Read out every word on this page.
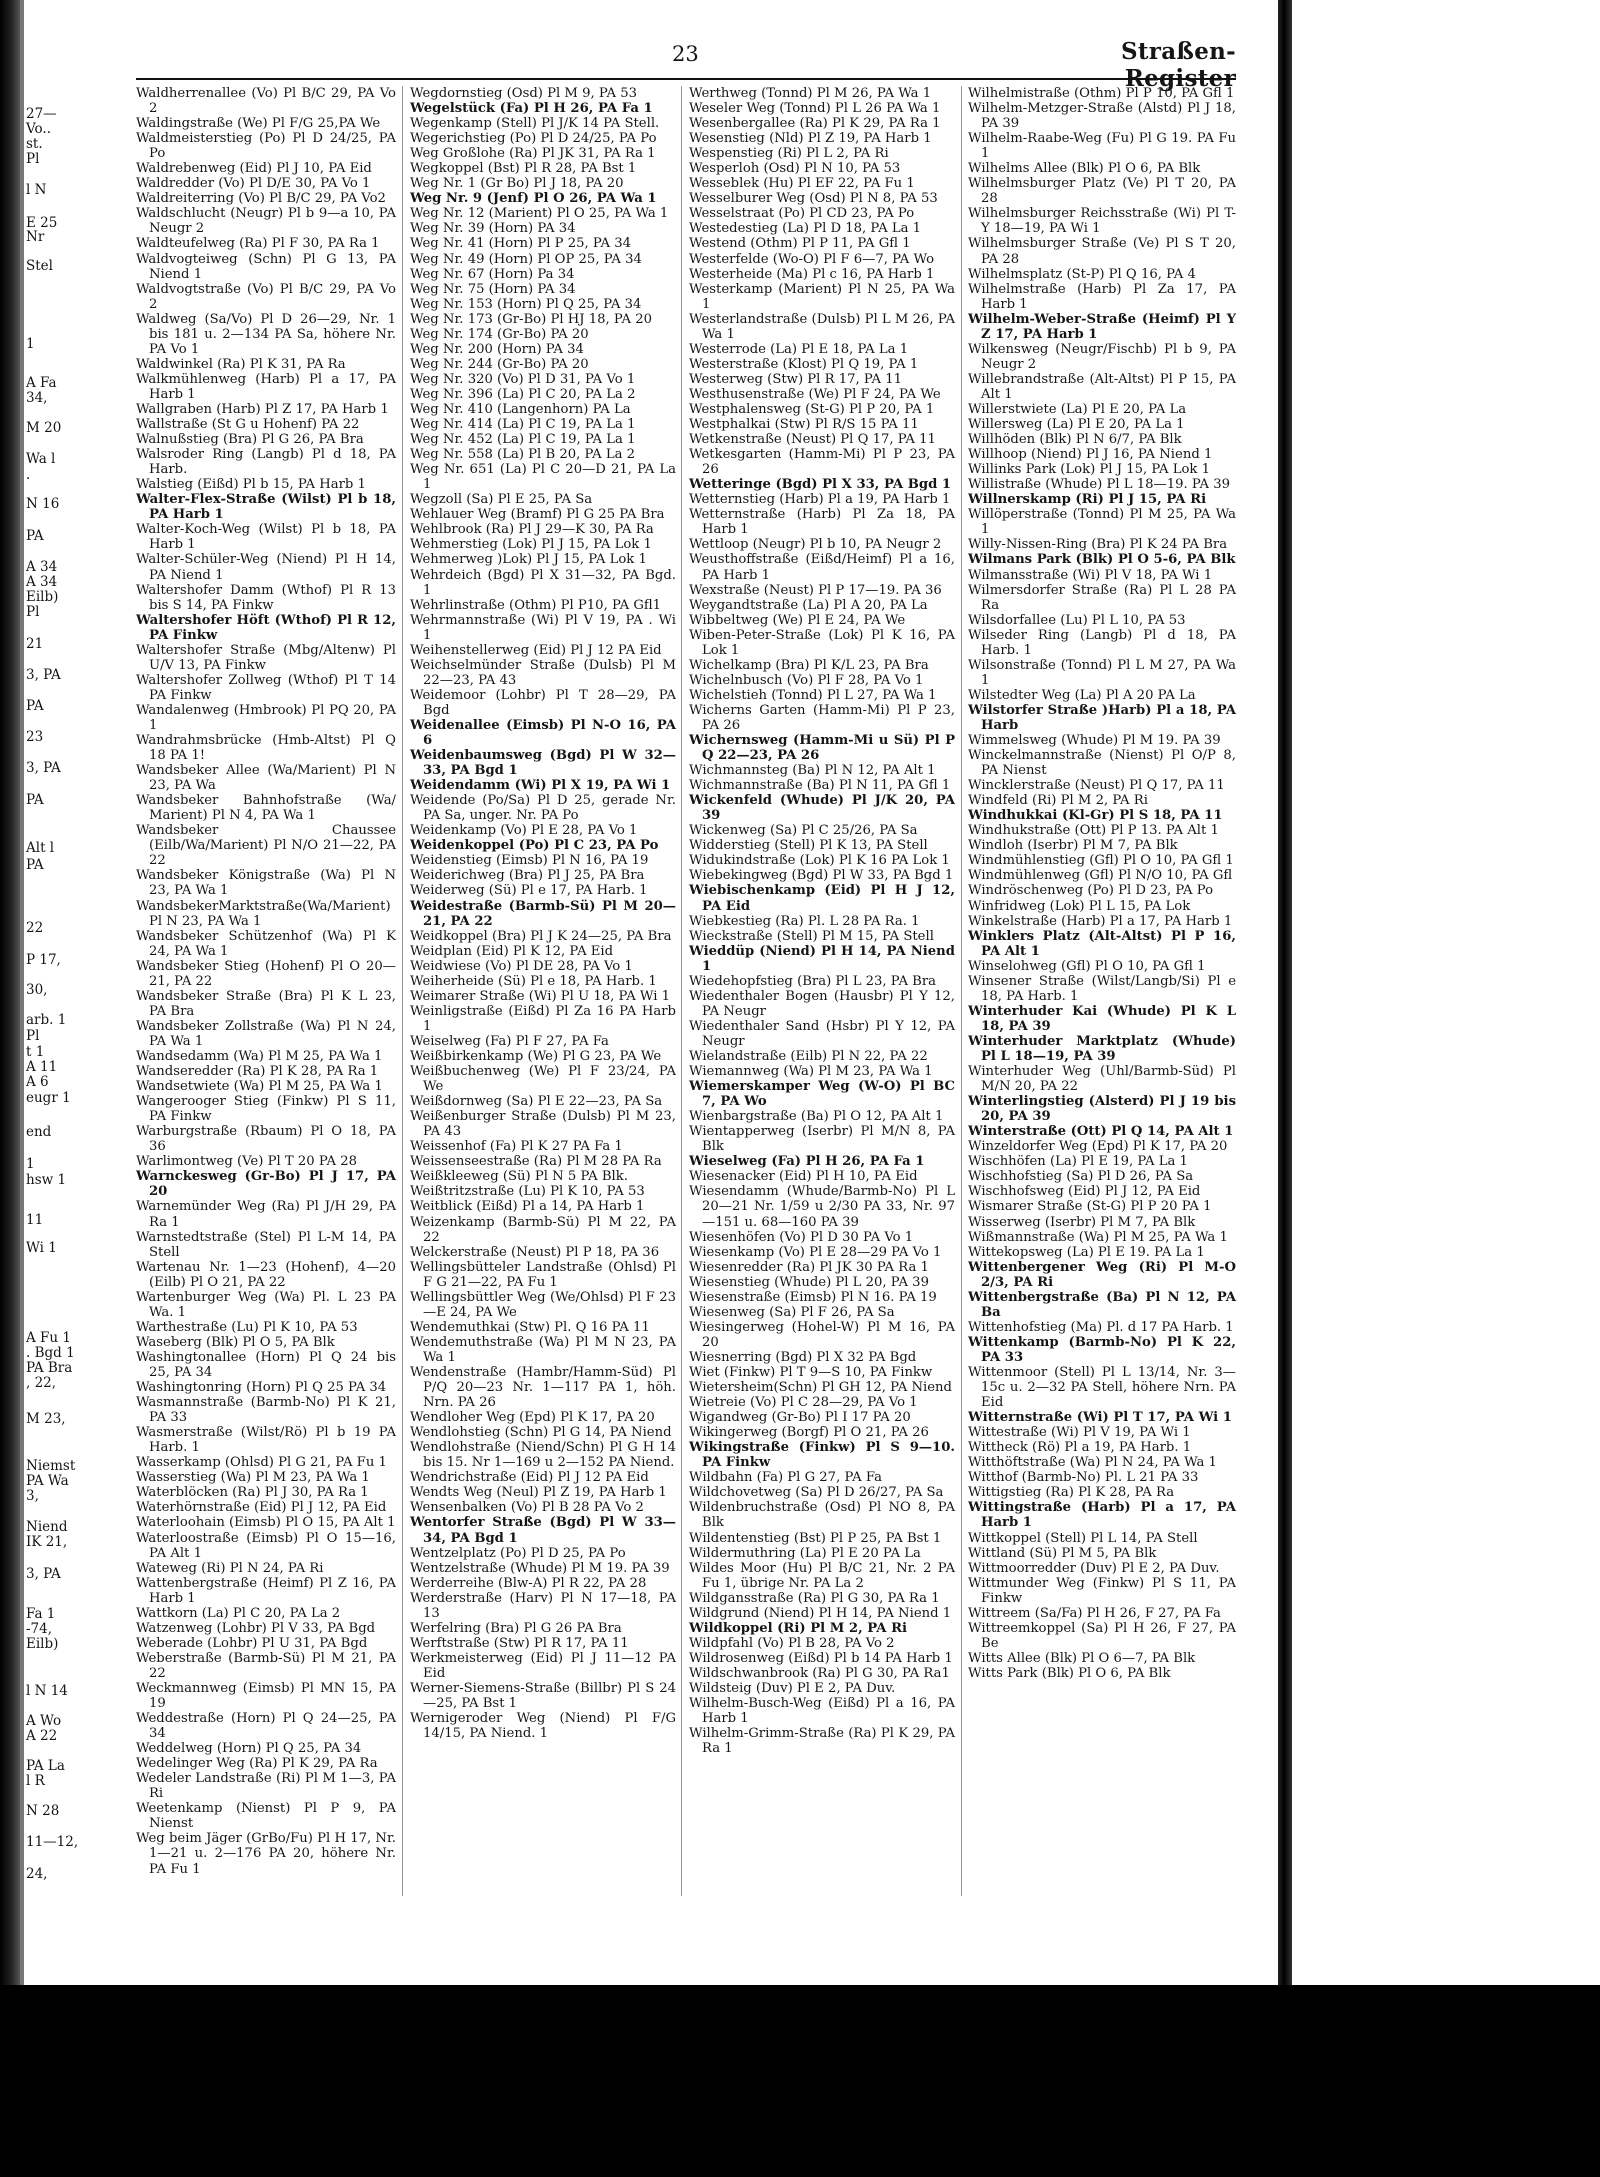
27—
Vo..
st.
Pl
l N
E 25
Nr
Stel
1
A Fa
34,
M 20
Wa l
.
N 16
PA
A 34
A 34
Eilb)
Pl
21
3, PA
PA
23
3, PA
PA
Alt l
PA
22
P 17,
30,
arb. 1
Pl
t 1
A 11
A 6
eugr 1
end
1
hsw 1
11
Wi 1
A Fu 1
. Bgd 1
PA Bra
, 22,
M 23,
Niemst
PA Wa
3,
Niend
IK 21,
3, PA
Fa 1
-74,
Eilb)
l N 14
A Wo
A 22
PA La
l R
N 28
11—12,
24,
23	Straßen-Register

Waldherrenallee (Vo) Pl B/C 29, PA Vo 2

Waldingstraße (We) Pl F/G 25,PA We

Waldmeisterstieg (Po) Pl D 24/25, PA Po

Waldrebenweg (Eid) Pl J 10, PA Eid

Waldredder (Vo) Pl D/E 30, PA Vo 1

Waldreiterring (Vo) Pl B/C 29, PA Vo2

Waldschlucht (Neugr) Pl b 9—a 10, PA Neugr 2

Waldteufelweg (Ra) Pl F 30, PA Ra 1

Waldvogteiweg (Schn) Pl G 13, PA Niend 1

Waldvogtstraße (Vo) Pl B/C 29, PA Vo 2

Waldweg (Sa/Vo) Pl D 26—29, Nr. 1 bis 181 u. 2—134 PA Sa, höhere Nr. PA Vo 1

Waldwinkel (Ra) Pl K 31, PA Ra

Walkmühlenweg (Harb) Pl a 17, PA Harb 1

Wallgraben (Harb) Pl Z 17, PA Harb 1

Wallstraße (St G u Hohenf) PA 22

Walnußstieg (Bra) Pl G 26, PA Bra

Walsroder Ring (Langb) Pl d 18, PA Harb.

Walstieg (Eißd) Pl b 15, PA Harb 1

Walter-Flex-Straße (Wilst) Pl b 18, PA Harb 1

Walter-Koch-Weg (Wilst) Pl b 18, PA Harb 1

Walter-Schüler-Weg (Niend) Pl H 14, PA Niend 1

Waltershofer Damm (Wthof) Pl R 13 bis S 14, PA Finkw

Waltershofer Höft (Wthof) Pl R 12, PA Finkw

Waltershofer Straße (Mbg/Altenw) Pl U/V 13, PA Finkw

Waltershofer Zollweg (Wthof) Pl T 14 PA Finkw

Wandalenweg (Hmbrook) Pl PQ 20, PA 1

Wandrahmsbrücke (Hmb-Altst) Pl Q 18 PA 1!

Wandsbeker Allee (Wa/Marient) Pl N 23, PA Wa

Wandsbeker Bahnhofstraße (Wa/ Marient) Pl N 4, PA Wa 1

Wandsbeker Chaussee (Eilb/Wa/Marient) Pl N/O 21—22, PA 22

Wandsbeker Königstraße (Wa) Pl N 23, PA Wa 1

WandsbekerMarktstraße(Wa/Marient) Pl N 23, PA Wa 1

Wandsbeker Schützenhof (Wa) Pl K 24, PA Wa 1

Wandsbeker Stieg (Hohenf) Pl O 20—21, PA 22

Wandsbeker Straße (Bra) Pl K L 23, PA Bra

Wandsbeker Zollstraße (Wa) Pl N 24, PA Wa 1

Wandsedamm (Wa) Pl M 25, PA Wa 1

Wandseredder (Ra) Pl K 28, PA Ra 1

Wandsetwiete (Wa) Pl M 25, PA Wa 1

Wangerooger Stieg (Finkw) Pl S 11, PA Finkw

Warburgstraße (Rbaum) Pl O 18, PA 36

Warlimontweg (Ve) Pl T 20 PA 28

Warnckesweg (Gr-Bo) Pl J 17, PA 20

Warnemünder Weg (Ra) Pl J/H 29, PA Ra 1

Warnstedtstraße (Stel) Pl L-M 14, PA Stell

Wartenau Nr. 1—23 (Hohenf), 4—20 (Eilb) Pl O 21, PA 22

Wartenburger Weg (Wa) Pl. L 23 PA Wa. 1

Warthestraße (Lu) Pl K 10, PA 53

Waseberg (Blk) Pl O 5, PA Blk

Washingtonallee (Horn) Pl Q 24 bis 25, PA 34

Washingtonring (Horn) Pl Q 25 PA 34

Wasmannstraße (Barmb-No) Pl K 21, PA 33

Wasmerstraße (Wilst/Rö) Pl b 19 PA Harb. 1

Wasserkamp (Ohlsd) Pl G 21, PA Fu 1

Wasserstieg (Wa) Pl M 23, PA Wa 1

Waterblöcken (Ra) Pl J 30, PA Ra 1

Waterhörnstraße (Eid) Pl J 12, PA Eid

Waterloohain (Eimsb) Pl O 15, PA Alt 1

Waterloostraße (Eimsb) Pl O 15—16, PA Alt 1

Wateweg (Ri) Pl N 24, PA Ri

Wattenbergstraße (Heimf) Pl Z 16, PA Harb 1

Wattkorn (La) Pl C 20, PA La 2

Watzenweg (Lohbr) Pl V 33, PA Bgd

Weberade (Lohbr) Pl U 31, PA Bgd

Weberstraße (Barmb-Sü) Pl M 21, PA 22

Weckmannweg (Eimsb) Pl MN 15, PA 19

Weddestraße (Horn) Pl Q 24—25, PA 34

Weddelweg (Horn) Pl Q 25, PA 34

Wedelinger Weg (Ra) Pl K 29, PA Ra

Wedeler Landstraße (Ri) Pl M 1—3, PA Ri

Weetenkamp (Nienst) Pl P 9, PA Nienst

Weg beim Jäger (GrBo/Fu) Pl H 17, Nr. 1—21 u. 2—176 PA 20, höhere Nr. PA Fu 1

Wegdornstieg (Osd) Pl M 9, PA 53

Wegelstück (Fa) Pl H 26, PA Fa 1

Wegenkamp (Stell) Pl J/K 14 PA Stell.

Wegerichstieg (Po) Pl D 24/25, PA Po

Weg Großlohe (Ra) Pl JK 31, PA Ra 1

Wegkoppel (Bst) Pl R 28, PA Bst 1

Weg Nr. 1 (Gr Bo) Pl J 18, PA 20

Weg Nr. 9 (Jenf) Pl O 26, PA Wa 1

Weg Nr. 12 (Marient) Pl O 25, PA Wa 1

Weg Nr. 39 (Horn) PA 34

Weg Nr. 41 (Horn) Pl P 25, PA 34

Weg Nr. 49 (Horn) Pl OP 25, PA 34

Weg Nr. 67 (Horn) Pa 34

Weg Nr. 75 (Horn) PA 34

Weg Nr. 153 (Horn) Pl Q 25, PA 34

Weg Nr. 173 (Gr-Bo) Pl HJ 18, PA 20

Weg Nr. 174 (Gr-Bo) PA 20

Weg Nr. 200 (Horn) PA 34

Weg Nr. 244 (Gr-Bo) PA 20

Weg Nr. 320 (Vo) Pl D 31, PA Vo 1

Weg Nr. 396 (La) Pl C 20, PA La 2

Weg Nr. 410 (Langenhorn) PA La

Weg Nr. 414 (La) Pl C 19, PA La 1

Weg Nr. 452 (La) Pl C 19, PA La 1

Weg Nr. 558 (La) Pl B 20, PA La 2

Weg Nr. 651 (La) Pl C 20—D 21, PA La 1

Wegzoll (Sa) Pl E 25, PA Sa

Wehlauer Weg (Bramf) Pl G 25 PA Bra

Wehlbrook (Ra) Pl J 29—K 30, PA Ra

Wehmerstieg (Lok) Pl J 15, PA Lok 1

Wehmerweg )Lok) Pl J 15, PA Lok 1

Wehrdeich (Bgd) Pl X 31—32, PA Bgd. 1

Wehrlinstraße (Othm) Pl P10, PA Gfl1

Wehrmannstraße (Wi) Pl V 19, PA . Wi 1

Weihenstellerweg (Eid) Pl J 12 PA Eid

Weichselmünder Straße (Dulsb) Pl M 22—23, PA 43

Weidemoor (Lohbr) Pl T 28—29, PA Bgd

Weidenallee (Eimsb) Pl N-O 16, PA 6

Weidenbaumsweg (Bgd) Pl W 32—33, PA Bgd 1

Weidendamm (Wi) Pl X 19, PA Wi 1

Weidende (Po/Sa) Pl D 25, gerade Nr. PA Sa, unger. Nr. PA Po

Weidenkamp (Vo) Pl E 28, PA Vo 1

Weidenkoppel (Po) Pl C 23, PA Po

Weidenstieg (Eimsb) Pl N 16, PA 19

Weiderichweg (Bra) Pl J 25, PA Bra

Weiderweg (Sü) Pl e 17, PA Harb. 1

Weidestraße (Barmb-Sü) Pl M 20—21, PA 22

Weidkoppel (Bra) Pl J K 24—25, PA Bra

Weidplan (Eid) Pl K 12, PA Eid

Weidwiese (Vo) Pl DE 28, PA Vo 1

Weiherheide (Sü) Pl e 18, PA Harb. 1

Weimarer Straße (Wi) Pl U 18, PA Wi 1

Weinligstraße (Eißd) Pl Za 16 PA Harb 1

Weiselweg (Fa) Pl F 27, PA Fa

Weißbirkenkamp (We) Pl G 23, PA We

Weißbuchenweg (We) Pl F 23/24, PA We

Weißdornweg (Sa) Pl E 22—23, PA Sa

Weißenburger Straße (Dulsb) Pl M 23, PA 43

Weissenhof (Fa) Pl K 27 PA Fa 1

Weissenseestraße (Ra) Pl M 28 PA Ra

Weißkleeweg (Sü) Pl N 5 PA Blk.

Weißtritzstraße (Lu) Pl K 10, PA 53

Weitblick (Eißd) Pl a 14, PA Harb 1

Weizenkamp (Barmb-Sü) Pl M 22, PA 22

Welckerstraße (Neust) Pl P 18, PA 36

Wellingsbütteler Landstraße (Ohlsd) Pl F G 21—22, PA Fu 1

Wellingsbüttler Weg (We/Ohlsd) Pl F 23—E 24, PA We

Wendemuthkai (Stw) Pl. Q 16 PA 11

Wendemuthstraße (Wa) Pl M N 23, PA Wa 1

Wendenstraße (Hambr/Hamm-Süd) Pl P/Q 20—23 Nr. 1—117 PA 1, höh. Nrn. PA 26

Wendloher Weg (Epd) Pl K 17, PA 20

Wendlohstieg (Schn) Pl G 14, PA Niend

Wendlohstraße (Niend/Schn) Pl G H 14 bis 15. Nr 1—169 u 2—152 PA Niend.

Wendrichstraße (Eid) Pl J 12 PA Eid

Wendts Weg (Neul) Pl Z 19, PA Harb 1

Wensenbalken (Vo) Pl B 28 PA Vo 2

Wentorfer Straße (Bgd) Pl W 33—34, PA Bgd 1

Wentzelplatz (Po) Pl D 25, PA Po

Wentzelstraße (Whude) Pl M 19. PA 39

Werderreihe (Blw-A) Pl R 22, PA 28

Werderstraße (Harv) Pl N 17—18, PA 13

Werfelring (Bra) Pl G 26 PA Bra

Werftstraße (Stw) Pl R 17, PA 11

Werkmeisterweg (Eid) Pl J 11—12 PA Eid

Werner-Siemens-Straße (Billbr) Pl S 24—25, PA Bst 1

Wernigeroder Weg (Niend) Pl F/G 14/15, PA Niend. 1

Werthweg (Tonnd) Pl M 26, PA Wa 1

Weseler Weg (Tonnd) Pl L 26 PA Wa 1

Wesenbergallee (Ra) Pl K 29, PA Ra 1

Wesenstieg (Nld) Pl Z 19, PA Harb 1

Wespenstieg (Ri) Pl L 2, PA Ri

Wesperloh (Osd) Pl N 10, PA 53

Wesseblek (Hu) Pl EF 22, PA Fu 1

Wesselburer Weg (Osd) Pl N 8, PA 53

Wesselstraat (Po) Pl CD 23, PA Po

Westedestieg (La) Pl D 18, PA La 1

Westend (Othm) Pl P 11, PA Gfl 1

Westerfelde (Wo-O) Pl F 6—7, PA Wo

Westerheide (Ma) Pl c 16, PA Harb 1

Westerkamp (Marient) Pl N 25, PA Wa 1

Westerlandstraße (Dulsb) Pl L M 26, PA Wa 1

Westerrode (La) Pl E 18, PA La 1

Westerstraße (Klost) Pl Q 19, PA 1

Westerweg (Stw) Pl R 17, PA 11

Westhusenstraße (We) Pl F 24, PA We

Westphalensweg (St-G) Pl P 20, PA 1

Westphalkai (Stw) Pl R/S 15 PA 11

Wetkenstraße (Neust) Pl Q 17, PA 11

Wetkesgarten (Hamm-Mi) Pl P 23, PA 26

Wetteringe (Bgd) Pl X 33, PA Bgd 1

Wetternstieg (Harb) Pl a 19, PA Harb 1

Wetternstraße (Harb) Pl Za 18, PA Harb 1

Wettloop (Neugr) Pl b 10, PA Neugr 2

Weusthoffstraße (Eißd/Heimf) Pl a 16, PA Harb 1

Wexstraße (Neust) Pl P 17—19. PA 36

Weygandtstraße (La) Pl A 20, PA La

Wibbeltweg (We) Pl E 24, PA We

Wiben-Peter-Straße (Lok) Pl K 16, PA Lok 1

Wichelkamp (Bra) Pl K/L 23, PA Bra

Wichelnbusch (Vo) Pl F 28, PA Vo 1

Wichelstieh (Tonnd) Pl L 27, PA Wa 1

Wicherns Garten (Hamm-Mi) Pl P 23, PA 26

Wichernsweg (Hamm-Mi u Sü) Pl P Q 22—23, PA 26

Wichmannsteg (Ba) Pl N 12, PA Alt 1

Wichmannstraße (Ba) Pl N 11, PA Gfl 1

Wickenfeld (Whude) Pl J/K 20, PA 39

Wickenweg (Sa) Pl C 25/26, PA Sa

Widderstieg (Stell) Pl K 13, PA Stell

Widukindstraße (Lok) Pl K 16 PA Lok 1

Wiebekingweg (Bgd) Pl W 33, PA Bgd 1

Wiebischenkamp (Eid) Pl H J 12, PA Eid

Wiebkestieg (Ra) Pl. L 28 PA Ra. 1

Wieckstraße (Stell) Pl M 15, PA Stell

Wieddüp (Niend) Pl H 14, PA Niend 1

Wiedehopfstieg (Bra) Pl L 23, PA Bra

Wiedenthaler Bogen (Hausbr) Pl Y 12, PA Neugr

Wiedenthaler Sand (Hsbr) Pl Y 12, PA Neugr

Wielandstraße (Eilb) Pl N 22, PA 22

Wiemannweg (Wa) Pl M 23, PA Wa 1

Wiemerskamper Weg (W-O) Pl BC 7, PA Wo

Wienbargstraße (Ba) Pl O 12, PA Alt 1

Wientapperweg (Iserbr) Pl M/N 8, PA Blk

Wieselweg (Fa) Pl H 26, PA Fa 1

Wiesenacker (Eid) Pl H 10, PA Eid

Wiesendamm (Whude/Barmb-No) Pl L 20—21 Nr. 1/59 u 2/30 PA 33, Nr. 97—151 u. 68—160 PA 39

Wiesenhöfen (Vo) Pl D 30 PA Vo 1

Wiesenkamp (Vo) Pl E 28—29 PA Vo 1

Wiesenredder (Ra) Pl JK 30 PA Ra 1

Wiesenstieg (Whude) Pl L 20, PA 39

Wiesenstraße (Eimsb) Pl N 16. PA 19

Wiesenweg (Sa) Pl F 26, PA Sa

Wiesingerweg (Hohel-W) Pl M 16, PA 20

Wiesnerring (Bgd) Pl X 32 PA Bgd

Wiet (Finkw) Pl T 9—S 10, PA Finkw

Wietersheim(Schn) Pl GH 12, PA Niend

Wietreie (Vo) Pl C 28—29, PA Vo 1

Wigandweg (Gr-Bo) Pl I 17 PA 20

Wikingerweg (Borgf) Pl O 21, PA 26

Wikingstraße (Finkw) Pl S 9—10. PA Finkw

Wildbahn (Fa) Pl G 27, PA Fa

Wildchovetweg (Sa) Pl D 26/27, PA Sa

Wildenbruchstraße (Osd) Pl NO 8, PA Blk

Wildentenstieg (Bst) Pl P 25, PA Bst 1

Wildermuthring (La) Pl E 20 PA La

Wildes Moor (Hu) Pl B/C 21, Nr. 2 PA Fu 1, übrige Nr. PA La 2

Wildgansstraße (Ra) Pl G 30, PA Ra 1

Wildgrund (Niend) Pl H 14, PA Niend 1

Wildkoppel (Ri) Pl M 2, PA Ri

Wildpfahl (Vo) Pl B 28, PA Vo 2

Wildrosenweg (Eißd) Pl b 14 PA Harb 1

Wildschwanbrook (Ra) Pl G 30, PA Ra1

Wildsteig (Duv) Pl E 2, PA Duv.

Wilhelm-Busch-Weg (Eißd) Pl a 16, PA Harb 1

Wilhelm-Grimm-Straße (Ra) Pl K 29, PA Ra 1

Wilhelmistraße (Othm) Pl P 10, PA Gfl 1

Wilhelm-Metzger-Straße (Alstd) Pl J 18, PA 39

Wilhelm-Raabe-Weg (Fu) Pl G 19. PA Fu 1

Wilhelms Allee (Blk) Pl O 6, PA Blk

Wilhelmsburger Platz (Ve) Pl T 20, PA 28

Wilhelmsburger Reichsstraße (Wi) Pl T-Y 18—19, PA Wi 1

Wilhelmsburger Straße (Ve) Pl S T 20, PA 28

Wilhelmsplatz (St-P) Pl Q 16, PA 4

Wilhelmstraße (Harb) Pl Za 17, PA Harb 1

Wilhelm-Weber-Straße (Heimf) Pl Y Z 17, PA Harb 1

Wilkensweg (Neugr/Fischb) Pl b 9, PA Neugr 2

Willebrandstraße (Alt-Altst) Pl P 15, PA Alt 1

Willerstwiete (La) Pl E 20, PA La

Willersweg (La) Pl E 20, PA La 1

Willhöden (Blk) Pl N 6/7, PA Blk

Willhoop (Niend) Pl J 16, PA Niend 1

Willinks Park (Lok) Pl J 15, PA Lok 1

Willistraße (Whude) Pl L 18—19. PA 39

Willnerskamp (Ri) Pl J 15, PA Ri

Willöperstraße (Tonnd) Pl M 25, PA Wa 1

Willy-Nissen-Ring (Bra) Pl K 24 PA Bra

Wilmans Park (Blk) Pl O 5-6, PA Blk

Wilmansstraße (Wi) Pl V 18, PA Wi 1

Wilmersdorfer Straße (Ra) Pl L 28 PA Ra

Wilsdorfallee (Lu) Pl L 10, PA 53

Wilseder Ring (Langb) Pl d 18, PA Harb. 1

Wilsonstraße (Tonnd) Pl L M 27, PA Wa 1

Wilstedter Weg (La) Pl A 20 PA La

Wilstorfer Straße )Harb) Pl a 18, PA Harb

Wimmelsweg (Whude) Pl M 19. PA 39

Winckelmannstraße (Nienst) Pl O/P 8, PA Nienst

Wincklerstraße (Neust) Pl Q 17, PA 11

Windfeld (Ri) Pl M 2, PA Ri

Windhukkai (Kl-Gr) Pl S 18, PA 11

Windhukstraße (Ott) Pl P 13. PA Alt 1

Windloh (Iserbr) Pl M 7, PA Blk

Windmühlenstieg (Gfl) Pl O 10, PA Gfl 1

Windmühlenweg (Gfl) Pl N/O 10, PA Gfl

Windröschenweg (Po) Pl D 23, PA Po

Winfridweg (Lok) Pl L 15, PA Lok

Winkelstraße (Harb) Pl a 17, PA Harb 1

Winklers Platz (Alt-Altst) Pl P 16, PA Alt 1

Winselohweg (Gfl) Pl O 10, PA Gfl 1

Winsener Straße (Wilst/Langb/Si) Pl e 18, PA Harb. 1

Winterhuder Kai (Whude) Pl K L 18, PA 39

Winterhuder Marktplatz (Whude) Pl L 18—19, PA 39

Winterhuder Weg (Uhl/Barmb-Süd) Pl M/N 20, PA 22

Winterlingstieg (Alsterd) Pl J 19 bis 20, PA 39

Winterstraße (Ott) Pl Q 14, PA Alt 1

Winzeldorfer Weg (Epd) Pl K 17, PA 20

Wischhöfen (La) Pl E 19, PA La 1

Wischhofstieg (Sa) Pl D 26, PA Sa

Wischhofsweg (Eid) Pl J 12, PA Eid

Wismarer Straße (St-G) Pl P 20 PA 1

Wisserweg (Iserbr) Pl M 7, PA Blk

Wißmannstraße (Wa) Pl M 25, PA Wa 1

Wittekopsweg (La) Pl E 19. PA La 1

Wittenbergener Weg (Ri) Pl M-O 2/3, PA Ri

Wittenbergstraße (Ba) Pl N 12, PA Ba

Wittenhofstieg (Ma) Pl. d 17 PA Harb. 1

Wittenkamp (Barmb-No) Pl K 22, PA 33

Wittenmoor (Stell) Pl L 13/14, Nr. 3—15c u. 2—32 PA Stell, höhere Nrn. PA Eid

Witternstraße (Wi) Pl T 17, PA Wi 1

Wittestraße (Wi) Pl V 19, PA Wi 1

Wittheck (Rö) Pl a 19, PA Harb. 1

Witthöftstraße (Wa) Pl N 24, PA Wa 1

Witthof (Barmb-No) Pl. L 21 PA 33

Wittigstieg (Ra) Pl K 28, PA Ra

Wittingstraße (Harb) Pl a 17, PA Harb 1

Wittkoppel (Stell) Pl L 14, PA Stell

Wittland (Sü) Pl M 5, PA Blk

Wittmoorredder (Duv) Pl E 2, PA Duv.

Wittmunder Weg (Finkw) Pl S 11, PA Finkw

Wittreem (Sa/Fa) Pl H 26, F 27, PA Fa

Wittreemkoppel (Sa) Pl H 26, F 27, PA Be

Witts Allee (Blk) Pl O 6—7, PA Blk

Witts Park (Blk) Pl O 6, PA Blk
